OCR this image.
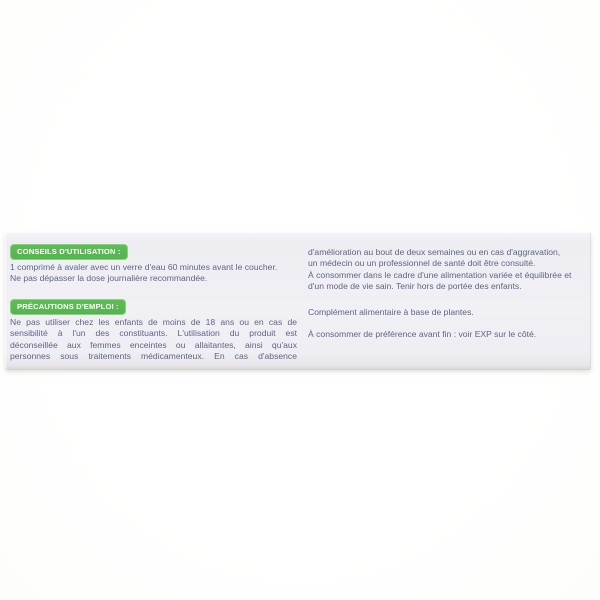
CONSEILS D'UTILISATION :
1 comprimé à avaler avec un verre d'eau 60 minutes avant le coucher.
Ne pas dépasser la dose journalière recommandée.
PRÉCAUTIONS D'EMPLOI :
Ne pas utiliser chez les enfants de moins de 18 ans ou en cas de
sensibilité à l'un des constituants. L'utilisation du produit est
déconseillée aux femmes enceintes ou allaitantes, ainsi qu'aux
personnes sous traitements médicamenteux. En cas d'absence
d'amélioration au bout de deux semaines ou en cas d'aggravation,
un médecin ou un professionnel de santé doit être consulté.
À consommer dans le cadre d'une alimentation variée et équilibrée et
d'un mode de vie sain. Tenir hors de portée des enfants.
Complément alimentaire à base de plantes.
À consommer de préférence avant fin : voir EXP sur le côté.
